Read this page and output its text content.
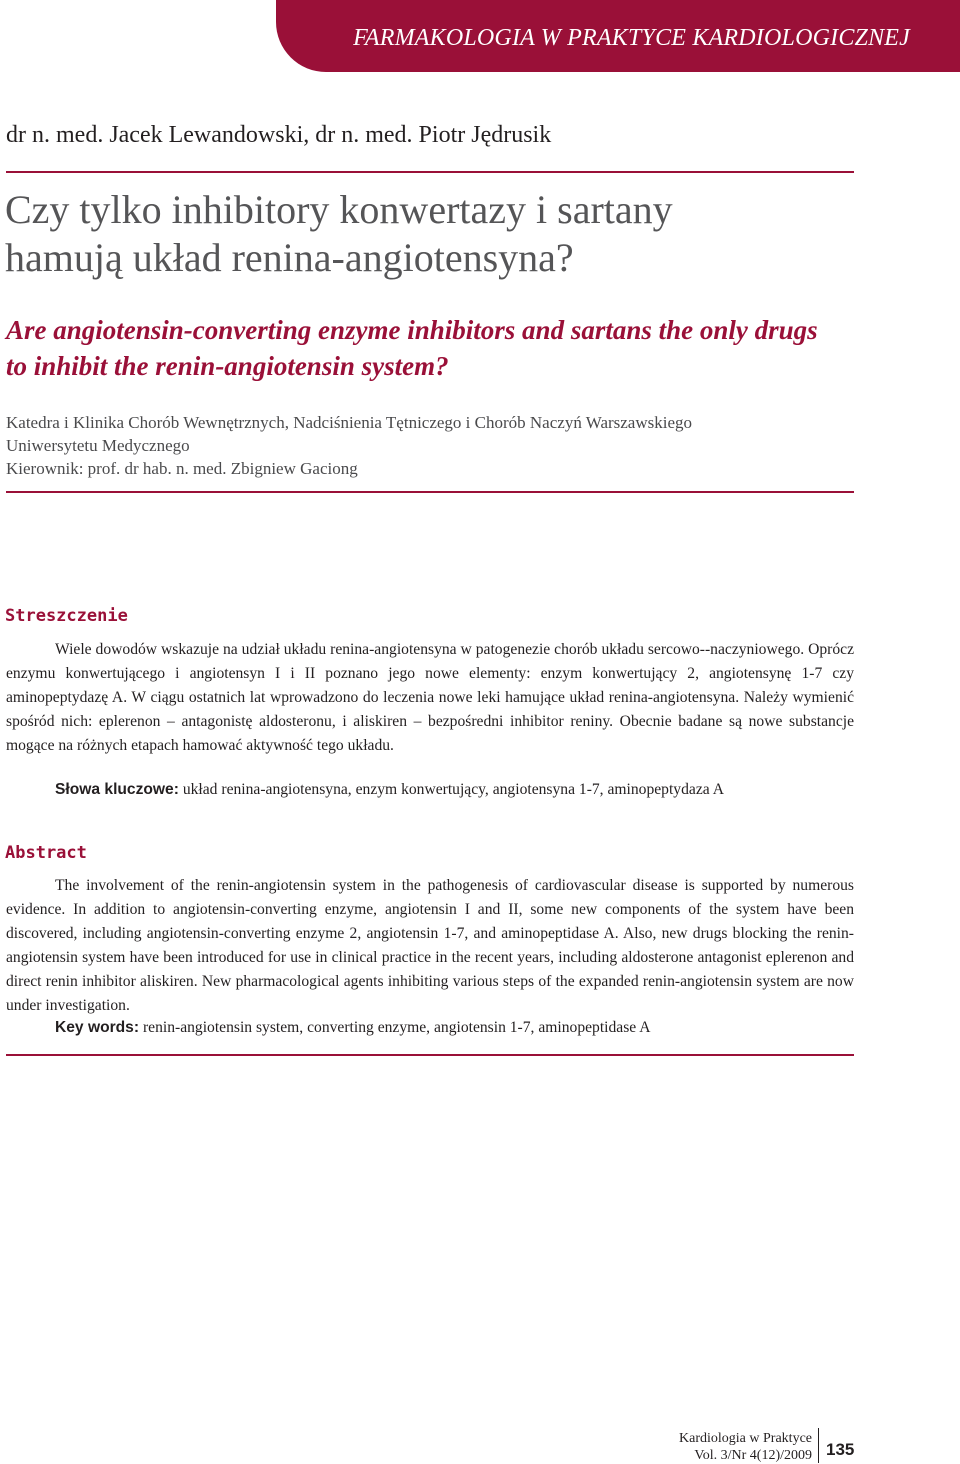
FARMAKOLOGIA W PRAKTYCE KARDIOLOGICZNEJ
dr n. med. Jacek Lewandowski, dr n. med. Piotr Jędrusik
Czy tylko inhibitory konwertazy i sartany
hamują układ renina-angiotensyna?
Are angiotensin-converting enzyme inhibitors and sartans the only drugs
to inhibit the renin-angiotensin system?

Katedra i Klinika Chorób Wewnętrznych, Nadciśnienia Tętniczego i Chorób Naczyń Warszawskiego
Uniwersytetu Medycznego
Kierownik: prof. dr hab. n. med. Zbigniew Gaciong

Streszczenie

Wiele dowodów wskazuje na udział układu renina-angiotensyna w patogenezie chorób układu sercowo--naczyniowego. Oprócz enzymu konwertującego i angiotensyn I i II poznano jego nowe elementy: enzym konwertujący 2, angiotensynę 1-7 czy aminopeptydazę A. W ciągu ostatnich lat wprowadzono do leczenia nowe leki hamujące układ renina-angiotensyna. Należy wymienić spośród nich: eplerenon – antagonistę aldosteronu, i aliskiren – bezpośredni inhibitor reniny. Obecnie badane są nowe substancje mogące na różnych etapach hamować aktywność tego układu.

Słowa kluczowe: układ renina-angiotensyna, enzym konwertujący, angiotensyna 1-7, aminopeptydaza A

Abstract

The involvement of the renin-angiotensin system in the pathogenesis of cardiovascular disease is supported by numerous evidence. In addition to angiotensin-converting enzyme, angiotensin I and II, some new components of the system have been discovered, including angiotensin-converting enzyme 2, angiotensin 1-7, and aminopeptidase A. Also, new drugs blocking the renin-angiotensin system have been introduced for use in clinical practice in the recent years, including aldosterone antagonist eplerenon and direct renin inhibitor aliskiren. New pharmacological agents inhibiting various steps of the expanded renin-angiotensin system are now under investigation.

Key words: renin-angiotensin system, converting enzyme, angiotensin 1-7, aminopeptidase A

Kardiologia w Praktyce
Vol. 3/Nr 4(12)/2009 135
